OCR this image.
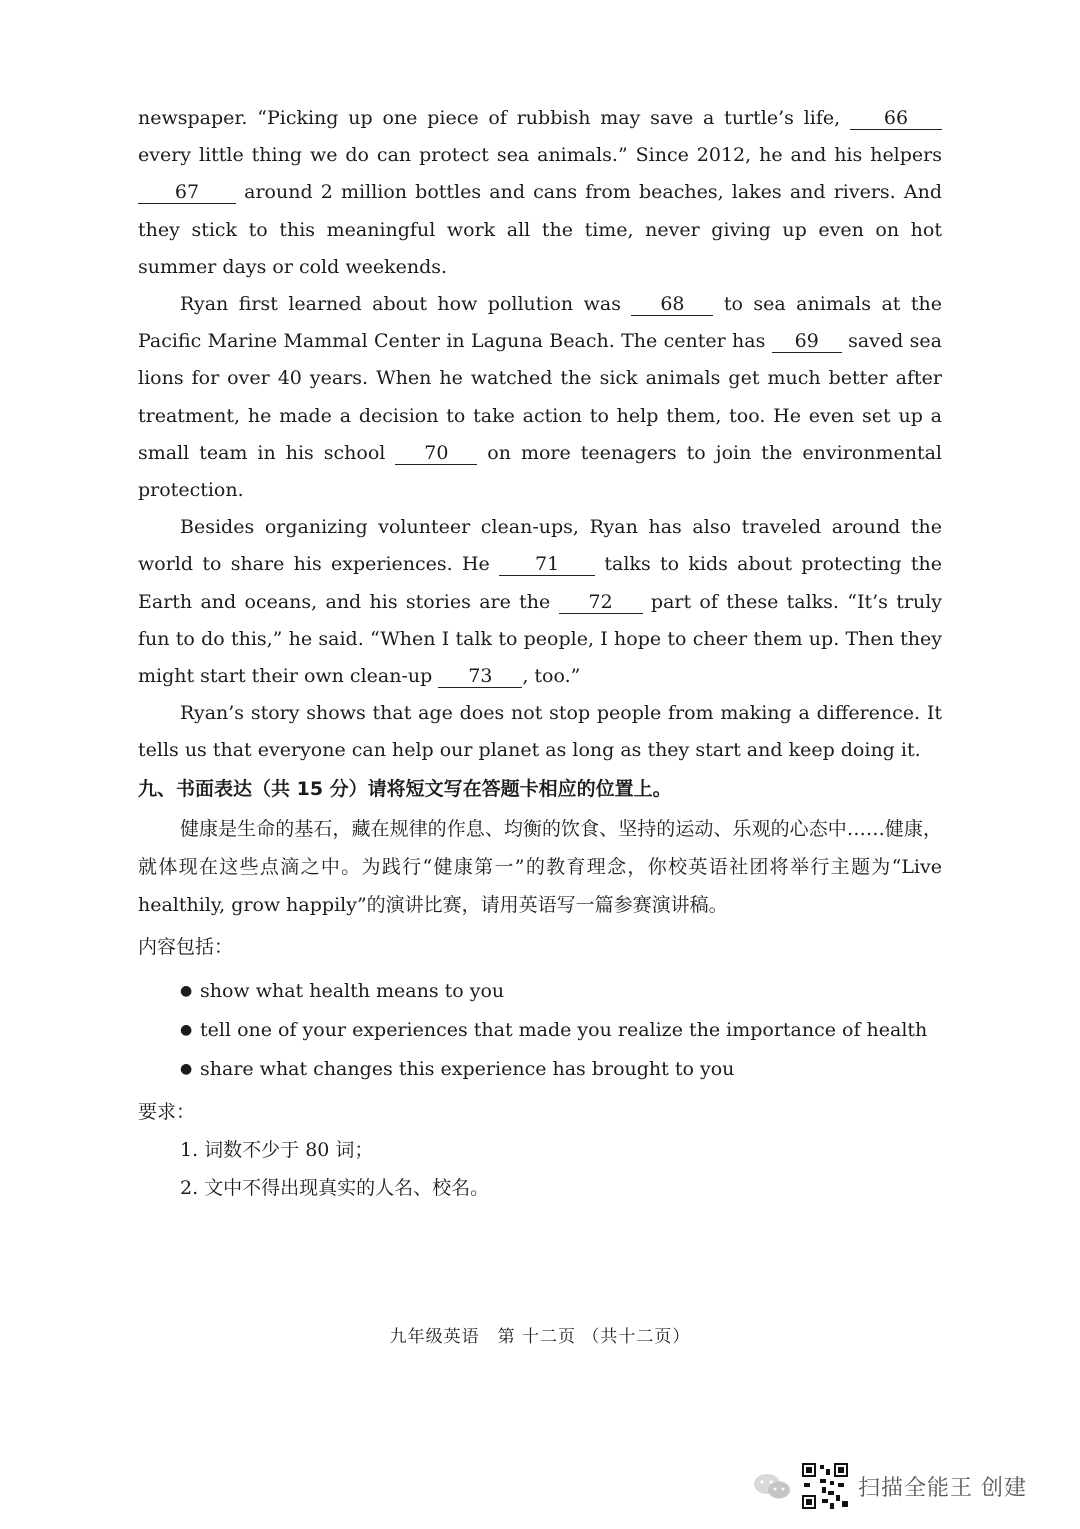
newspaper. “Picking up one piece of rubbish may save a turtle’s life, 66 every little thing we do can protect sea animals.” Since 2012, he and his helpers 67 around 2 million bottles and cans from beaches, lakes and rivers. And they stick to this meaningful work all the time, never giving up even on hot summer days or cold weekends.

Ryan first learned about how pollution was 68 to sea animals at the Pacific Marine Mammal Center in Laguna Beach. The center has 69 saved sea lions for over 40 years. When he watched the sick animals get much better after treatment, he made a decision to take action to help them, too. He even set up a small team in his school 70 on more teenagers to join the environmental protection.

Besides organizing volunteer clean-ups, Ryan has also traveled around the world to share his experiences. He 71 talks to kids about protecting the Earth and oceans, and his stories are the 72 part of these talks. “It’s truly fun to do this,” he said. “When I talk to people, I hope to cheer them up. Then they might start their own clean-up 73 , too.”

Ryan’s story shows that age does not stop people from making a difference. It tells us that everyone can help our planet as long as they start and keep doing it.

九、书面表达（共 15 分）请将短文写在答题卡相应的位置上。

健康是生命的基石，藏在规律的作息、均衡的饮食、坚持的运动、乐观的心态中……健康，就体现在这些点滴之中。为践行“健康第一”的教育理念，你校英语社团将举行主题为“Live healthily, grow happily”的演讲比赛，请用英语写一篇参赛演讲稿。

内容包括：

● show what health means to you
● tell one of your experiences that made you realize the importance of health
● share what changes this experience has brought to you

要求：

1. 词数不少于 80 词；
2. 文中不得出现真实的人名、校名。
九年级英语　第 十二页 （共十二页）
扫描全能王 创建
